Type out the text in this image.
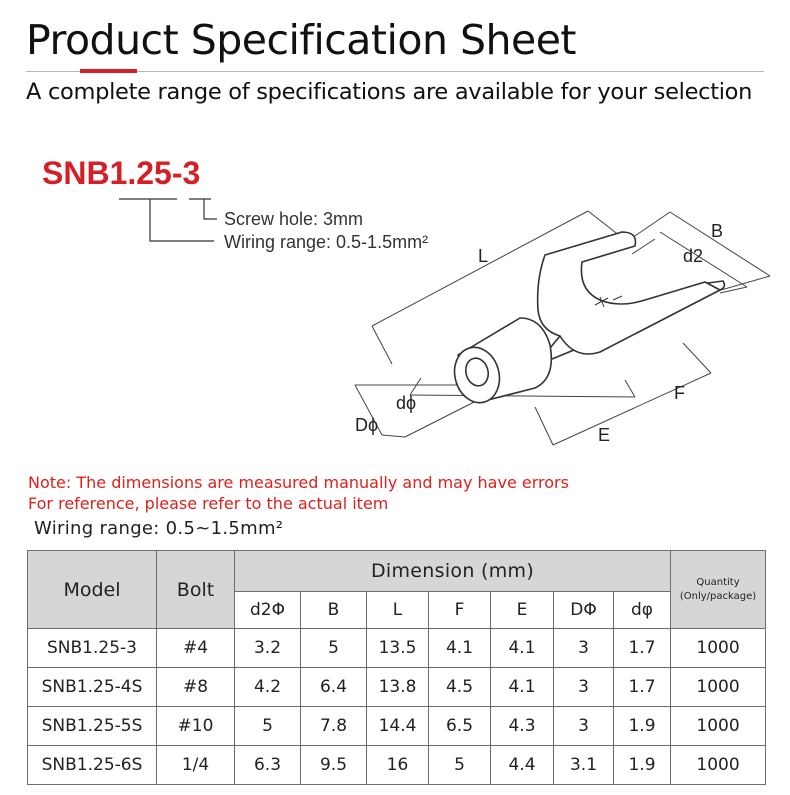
Product Specification Sheet

A complete range of specifications are available for your selection

SNB1.25-3
Screw hole: 3mm
Wiring range: 0.5-1.5mm²
L
B
d2
F
E
dϕ
Dϕ

Note: The dimensions are measured manually and may have errors

For reference, please refer to the actual item

Wiring range: 0.5~1.5mm²

Model	Bolt	Dimension (mm)							Quantity
(Only/package)
		d2Φ	B	L	F	E	DΦ	dφ	
SNB1.25-3	#4	3.2	5	13.5	4.1	4.1	3	1.7	1000
SNB1.25-4S	#8	4.2	6.4	13.8	4.5	4.1	3	1.7	1000
SNB1.25-5S	#10	5	7.8	14.4	6.5	4.3	3	1.9	1000
SNB1.25-6S	1/4	6.3	9.5	16	5	4.4	3.1	1.9	1000
